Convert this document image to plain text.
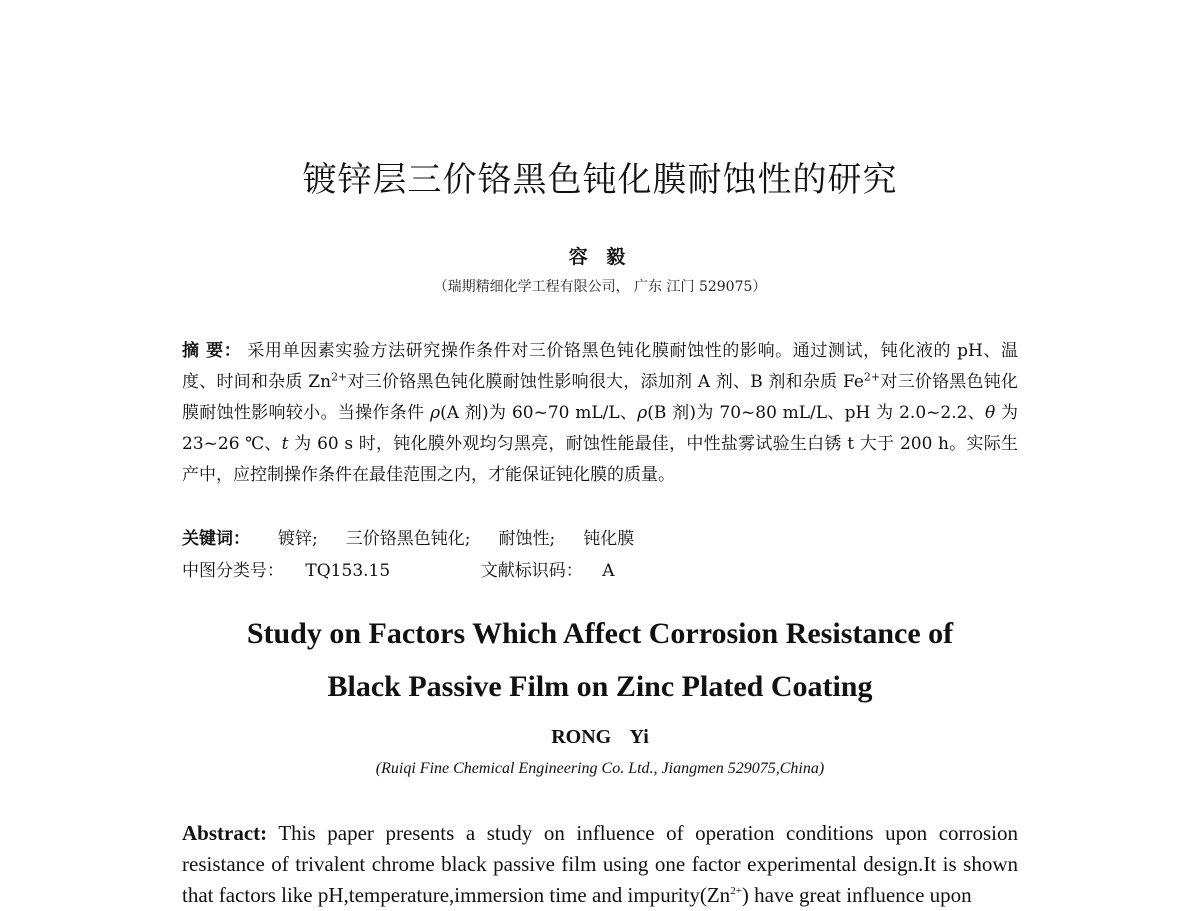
镀锌层三价铬黑色钝化膜耐蚀性的研究
容 毅
（瑞期精细化学工程有限公司， 广东 江门 529075）
摘 要： 采用单因素实验方法研究操作条件对三价铬黑色钝化膜耐蚀性的影响。通过测试，钝化液的 pH、温度、时间和杂质 $Zn^{2+}$对三价铬黑色钝化膜耐蚀性影响很大，添加剂 A 剂、B 剂和杂质 $Fe^{2+}$对三价铬黑色钝化膜耐蚀性影响较小。当操作条件 ρ(A 剂)为 60~70 mL/L、ρ(B 剂)为 70~80 mL/L、pH 为 2.0~2.2、θ 为 23~26 ℃、t 为 60 s 时，钝化膜外观均匀黑亮，耐蚀性能最佳，中性盐雾试验生白锈 t 大于 200 h。实际生产中，应控制操作条件在最佳范围之内，才能保证钝化膜的质量。
关键词： 镀锌; 三价铬黑色钝化; 耐蚀性; 钝化膜
中图分类号： TQ153.15	文献标识码： A
Study on Factors Which Affect Corrosion Resistance of
Black Passive Film on Zinc Plated Coating
RONG Yi
(Ruiqi Fine Chemical Engineering Co. Ltd., Jiangmen 529075,China)
Abstract: This paper presents a study on influence of operation conditions upon corrosion resistance of trivalent chrome black passive film using one factor experimental design.It is shown that factors like pH,temperature,immersion time and $impurity(Zn^{2+})$ have great influence upon
